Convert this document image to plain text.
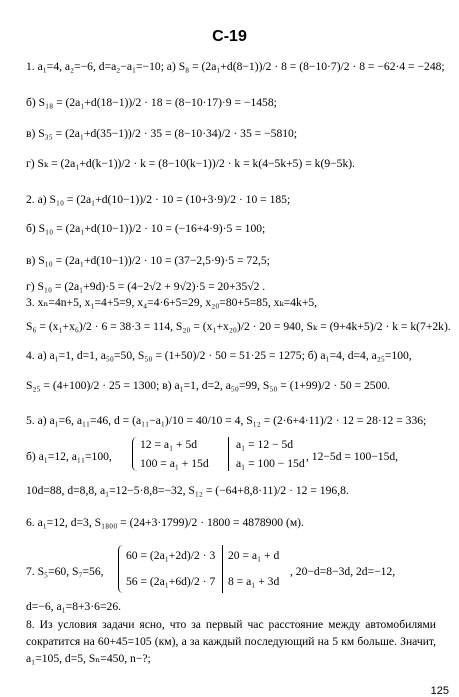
C-19
1. a₁=4, a₂=−6, d=a₂−a₁=−10; а) S₈ = (2a₁+d(8−1))/2 · 8 = (8−10·7)/2 · 8 = −62·4 = −248;
б) S₁₈ = (2a₁+d(18−1))/2 · 18 = (8−10·17)·9 = −1458;
в) S₃₅ = (2a₁+d(35−1))/2 · 35 = (8−10·34)/2 · 35 = −5810;
г) Sₖ = (2a₁+d(k−1))/2 · k = (8−10(k−1))/2 · k = k(4−5k+5) = k(9−5k).
2. а) S₁₀ = (2a₁+d(10−1))/2 · 10 = (10+3·9)/2 · 10 = 185;
б) S₁₀ = (2a₁+d(10−1))/2 · 10 = (−16+4·9)·5 = 100;
в) S₁₀ = (2a₁+d(10−1))/2 · 10 = (37−2,5·9)·5 = 72,5;
г) S₁₀ = (2a₁+9d)·5 = (4−2√2 + 9√2)·5 = 20+35√2 .
3. xₙ=4n+5, x₁=4+5=9, x₄=4·6+5=29, x₂₀=80+5=85, xₖ=4k+5,
S₆ = (x₁+x₆)/2 · 6 = 38·3 = 114, S₂₀ = (x₁+x₂₀)/2 · 20 = 940, Sₖ = (9+4k+5)/2 · k = k(7+2k).
4. а) a₁=1, d=1, a₅₀=50, S₅₀ = (1+50)/2 · 50 = 51·25 = 1275; б) a₁=4, d=4, a₂₅=100,
S₂₅ = (4+100)/2 · 25 = 1300; в) a₁=1, d=2, a₅₀=99, S₅₀ = (1+99)/2 · 50 = 2500.
5. а) a₁=6, a₁₁=46, d = (a₁₁−a₁)/10 = 40/10 = 4, S₁₂ = (2·6+4·11)/2 · 12 = 28·12 = 336;
б) a₁=12, a₁₁=100,
12 = a₁ + 5d
100 = a₁ + 15d
a₁ = 12 − 5d
a₁ = 100 − 15d
, 12−5d = 100−15d,
10d=88, d=8,8, a₁=12−5·8,8=−32, S₁₂ = (−64+8,8·11)/2 · 12 = 196,8.
6. a₁=12, d=3, S₁₈₀₀ = (24+3·1799)/2 · 1800 = 4878900 (м).
7. S₅=60, S₇=56,
60 = (2a₁+2d)/2 · 3
56 = (2a₁+6d)/2 · 7
20 = a₁ + d
8 = a₁ + 3d
, 20−d=8−3d, 2d=−12,
d=−6, a₁=8+3·6=26.
8. Из условия задачи ясно, что за первый час расстояние между автомобилями сократится на 60+45=105 (км), а за каждый последующий на 5 км больше. Значит, a₁=105, d=5, Sₙ=450, n−?;
125
